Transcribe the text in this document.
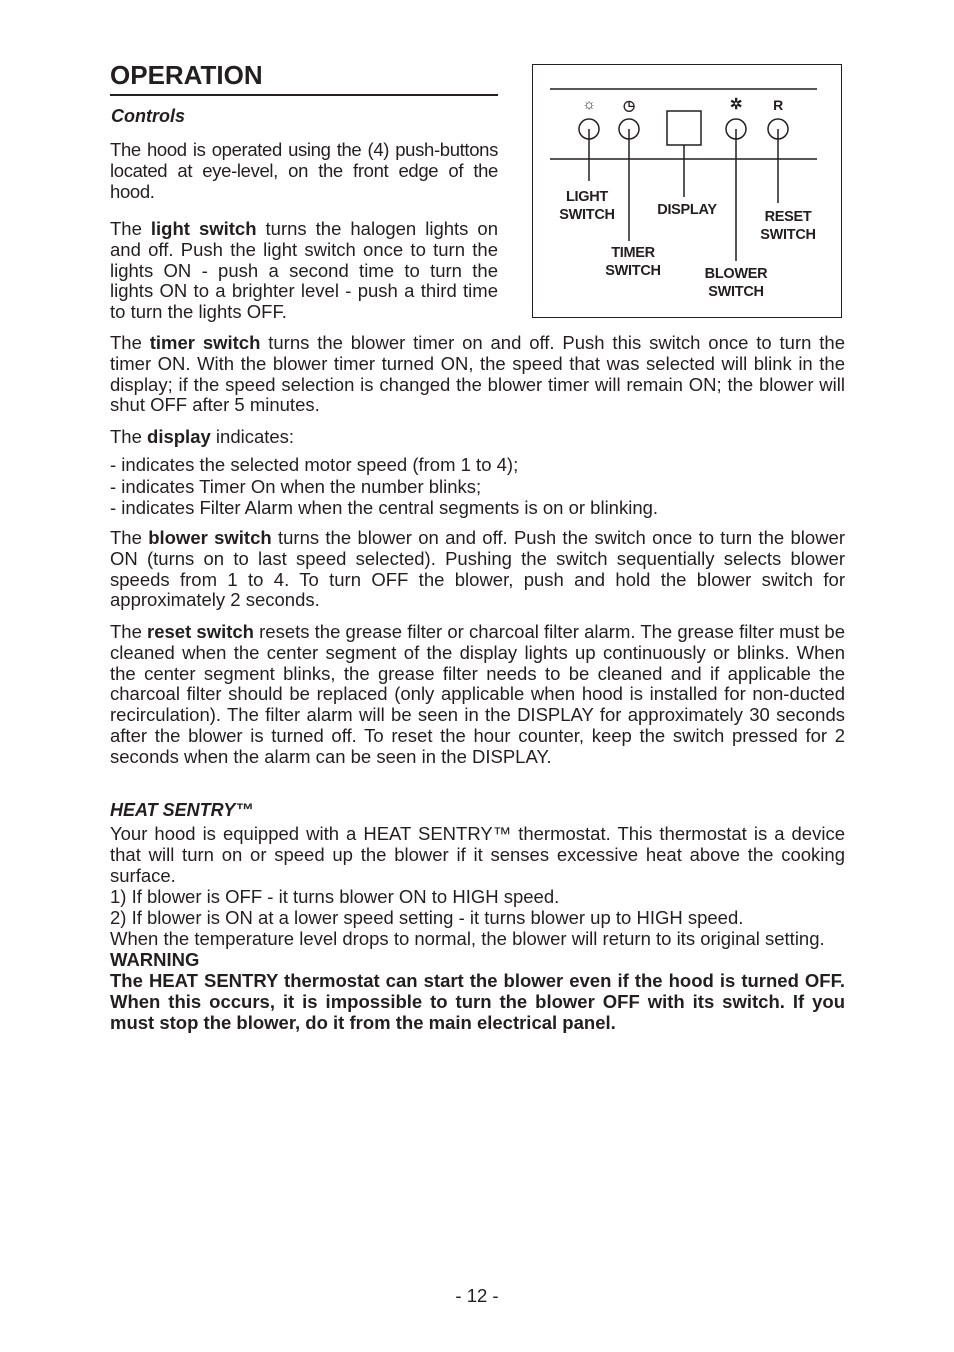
OPERATION
Controls

The hood is operated using the (4) push-buttons located at eye-level, on the front edge of the hood.

The light switch turns the halogen lights on and off. Push the light switch once to turn the lights ON - push a second time to turn the lights ON to a brighter level - push a third time to turn the lights OFF.

☼	◷	✲	R
LIGHT
SWITCH	DISPLAY	RESET
SWITCH
TIMER
SWITCH	BLOWER
SWITCH

The timer switch turns the blower timer on and off. Push this switch once to turn the timer ON. With the blower timer turned ON, the speed that was selected will blink in the display; if the speed selection is changed the blower timer will remain ON; the blower will shut OFF after 5 minutes.

The display indicates:

- indicates the selected motor speed (from 1 to 4);
- indicates Timer On when the number blinks;
- indicates Filter Alarm when the central segments is on or blinking.

The blower switch turns the blower on and off. Push the switch once to turn the blower ON (turns on to last speed selected). Pushing the switch sequentially selects blower speeds from 1 to 4. To turn OFF the blower, push and hold the blower switch for approximately 2 seconds.

The reset switch resets the grease filter or charcoal filter alarm. The grease filter must be cleaned when the center segment of the display lights up continuously or blinks. When the center segment blinks, the grease filter needs to be cleaned and if applicable the charcoal filter should be replaced (only applicable when hood is installed for non-ducted recirculation). The filter alarm will be seen in the DISPLAY for approximately 30 seconds after the blower is turned off. To reset the hour counter, keep the switch pressed for 2 seconds when the alarm can be seen in the DISPLAY.

HEAT SENTRY™

Your hood is equipped with a HEAT SENTRY™ thermostat. This thermostat is a device that will turn on or speed up the blower if it senses excessive heat above the cooking surface.

1) If blower is OFF - it turns blower ON to HIGH speed.

2) If blower is ON at a lower speed setting - it turns blower up to HIGH speed.

When the temperature level drops to normal, the blower will return to its original setting.

WARNING

The HEAT SENTRY thermostat can start the blower even if the hood is turned OFF. When this occurs, it is impossible to turn the blower OFF with its switch. If you must stop the blower, do it from the main electrical panel.

- 12 -
